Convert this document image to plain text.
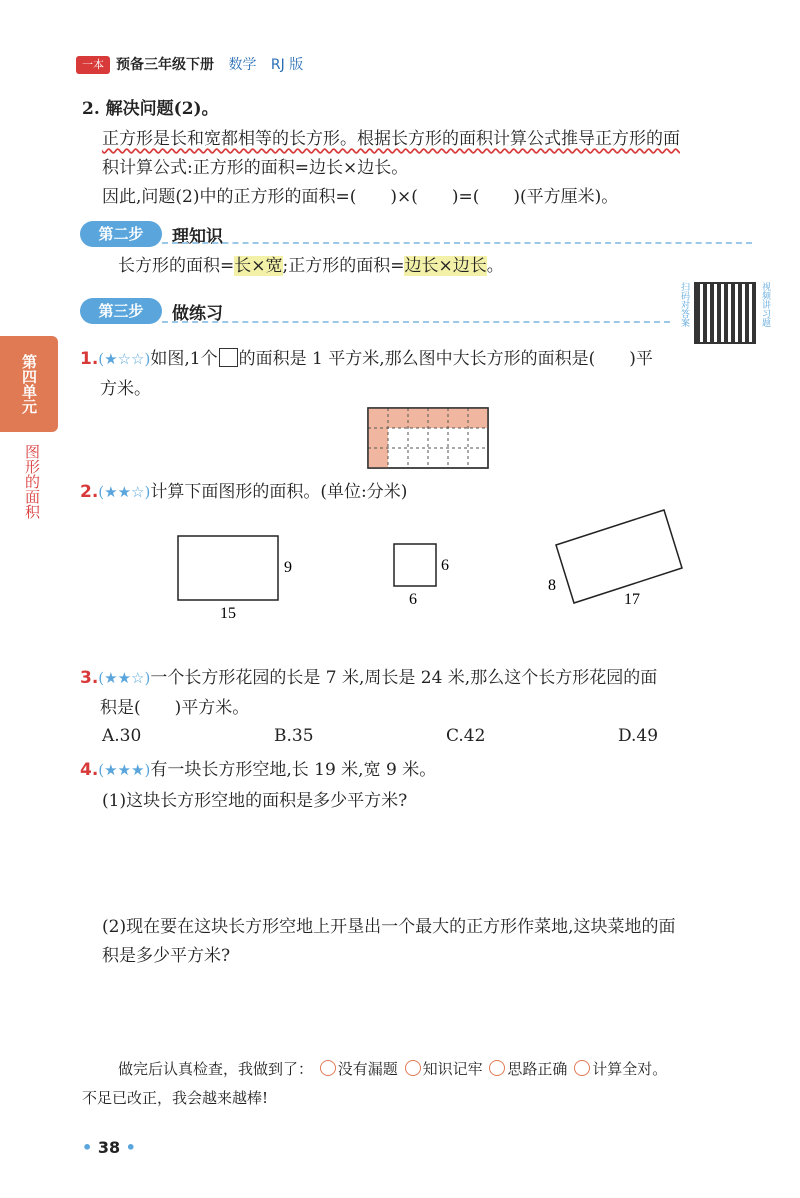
一本 预备三年级下册 数学 RJ 版
2. 解决问题(2)。
正方形是长和宽都相等的长方形。根据长方形的面积计算公式推导正方形的面
积计算公式:正方形的面积=边长×边长。
因此,问题(2)中的正方形的面积=(　　)×(　　)=(　　)(平方厘米)。
第二步	理知识
长方形的面积=长×宽;正方形的面积=边长×边长。
第三步	做练习	扫码对答案	视频讲习题
第四单元
图形的面积
1.(★☆☆)如图,1个 的面积是 1 平方米,那么图中大长方形的面积是(　　)平
方米。
2.(★★☆)计算下面图形的面积。(单位:分米)
9
15
6
6
8
17
3.(★★☆)一个长方形花园的长是 7 米,周长是 24 米,那么这个长方形花园的面
积是(　　)平方米。
A.30	B.35	C.42	D.49
4.(★★★)有一块长方形空地,长 19 米,宽 9 米。
(1)这块长方形空地的面积是多少平方米?
(2)现在要在这块长方形空地上开垦出一个最大的正方形作菜地,这块菜地的面
积是多少平方米?
做完后认真检查，我做到了： 没有漏题 知识记牢 思路正确 计算全对。
不足已改正，我会越来越棒!
• 38 •
